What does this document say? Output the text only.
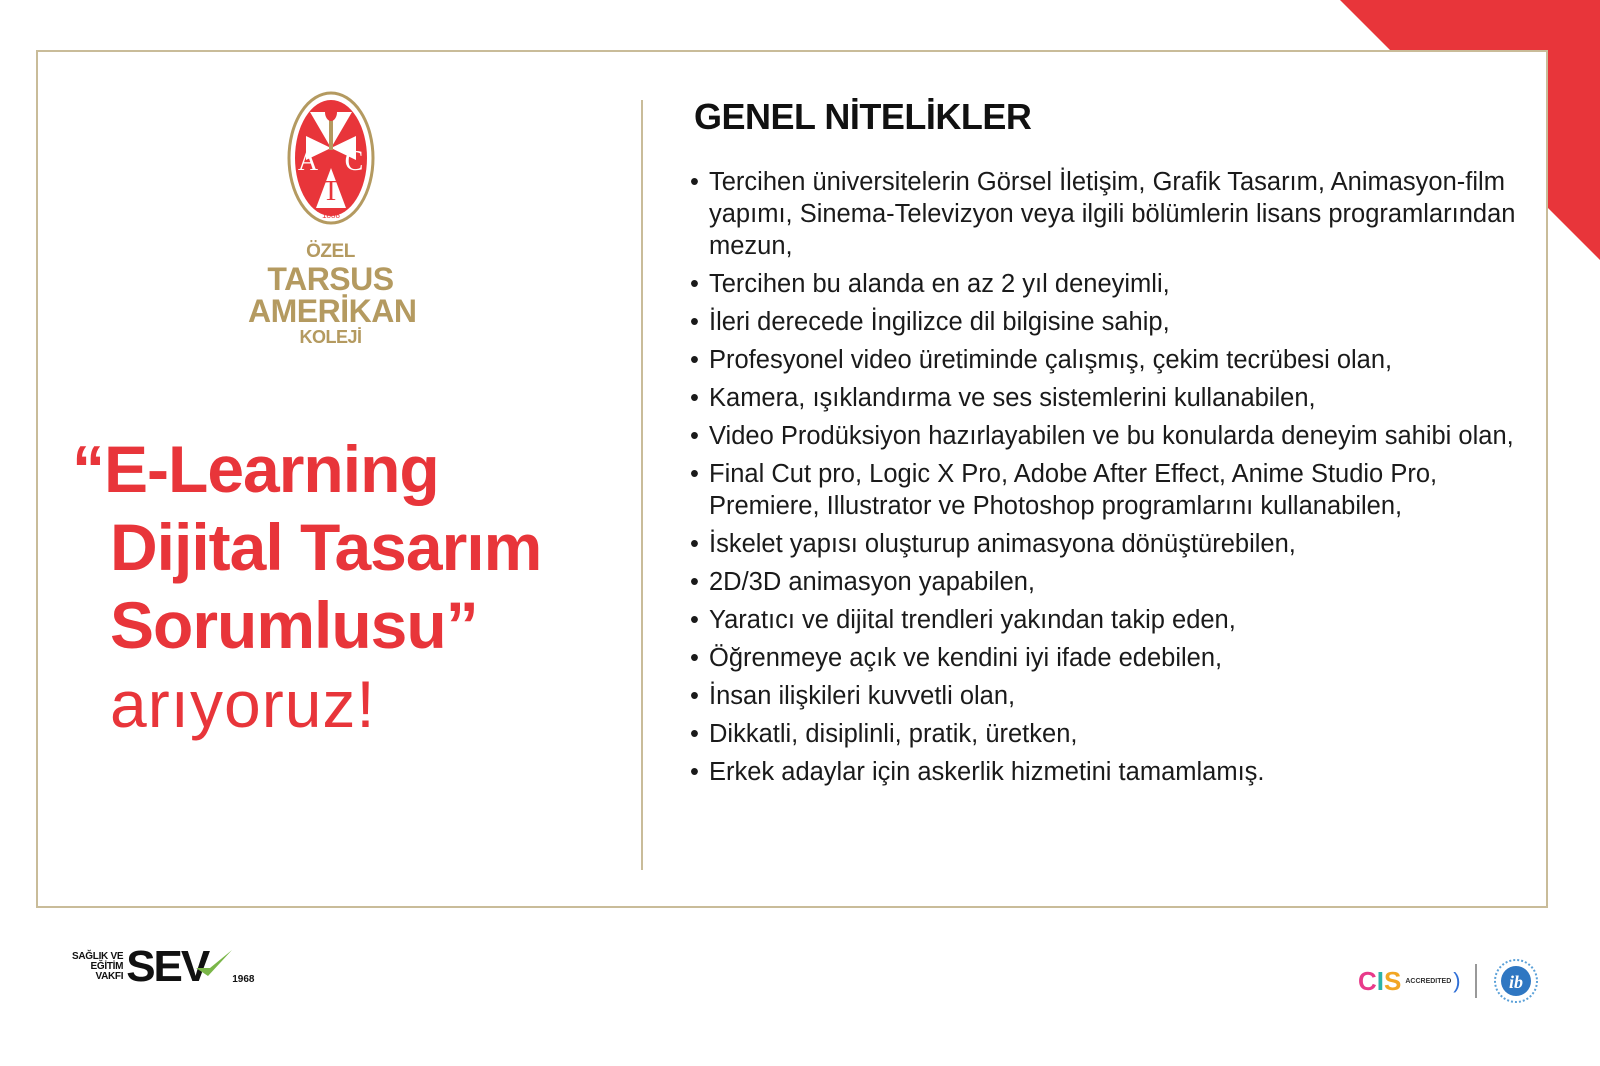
A C
T
1888
ÖZEL
TARSUS
AMERİKAN
KOLEJİ
“E-Learning
Dijital Tasarım
Sorumlusu”
arıyoruz!
GENEL NİTELİKLER
• Tercihen üniversitelerin Görsel İletişim, Grafik Tasarım, Animasyon-film yapımı, Sinema-Televizyon veya ilgili bölümlerin lisans programlarından mezun,
• Tercihen bu alanda en az 2 yıl deneyimli,
• İleri derecede İngilizce dil bilgisine sahip,
• Profesyonel video üretiminde çalışmış, çekim tecrübesi olan,
• Kamera, ışıklandırma ve ses sistemlerini kullanabilen,
• Video Prodüksiyon hazırlayabilen ve bu konularda deneyim sahibi olan,
• Final Cut pro, Logic X Pro, Adobe After Effect, Anime Studio Pro, Premiere, Illustrator ve Photoshop programlarını kullanabilen,
• İskelet yapısı oluşturup animasyona dönüştürebilen,
• 2D/3D animasyon yapabilen,
• Yaratıcı ve dijital trendleri yakından takip eden,
• Öğrenmeye açık ve kendini iyi ifade edebilen,
• İnsan ilişkileri kuvvetli olan,
• Dikkatli, disiplinli, pratik, üretken,
• Erkek adaylar için askerlik hizmetini tamamlamış.
SAĞLIK VE
EĞİTİM
VAKFI SEV 1968	C I S ACCREDITED )	ib
